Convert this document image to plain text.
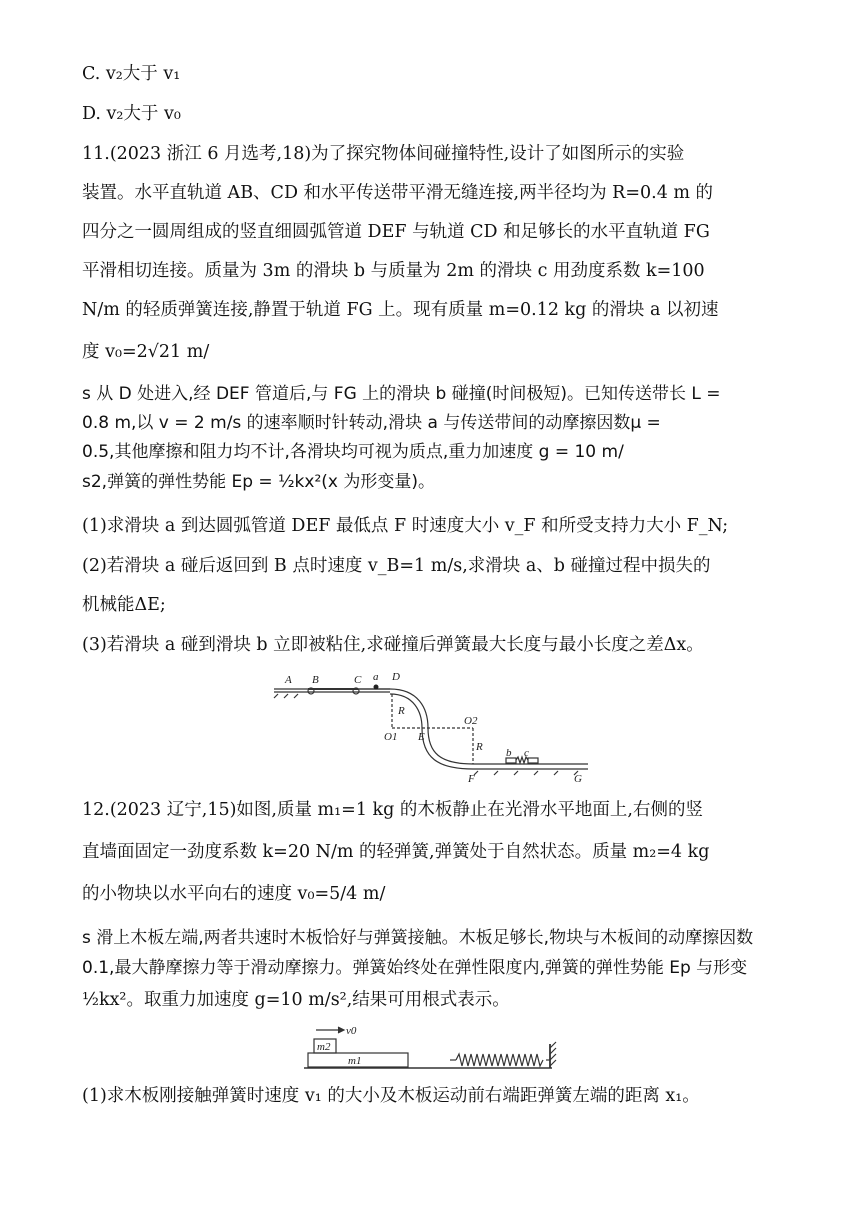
C. v₂大于 v₁
D. v₂大于 v₀
11.(2023 浙江 6 月选考,18)为了探究物体间碰撞特性,设计了如图所示的实验
装置。水平直轨道 AB、CD 和水平传送带平滑无缝连接,两半径均为 R=0.4 m 的
四分之一圆周组成的竖直细圆弧管道 DEF 与轨道 CD 和足够长的水平直轨道 FG
平滑相切连接。质量为 3m 的滑块 b 与质量为 2m 的滑块 c 用劲度系数 k=100
N/m 的轻质弹簧连接,静置于轨道 FG 上。现有质量 m=0.12 kg 的滑块 a 以初速
度 v₀=2√21 m/
s 从 D 处进入,经 DEF 管道后,与 FG 上的滑块 b 碰撞(时间极短)。已知传送带长 L =
0.8 m,以 v = 2 m/s 的速率顺时针转动,滑块 a 与传送带间的动摩擦因数μ =
0.5,其他摩擦和阻力均不计,各滑块均可视为质点,重力加速度 g = 10 m/
s2,弹簧的弹性势能 Ep = ½kx²(x 为形变量)。
(1)求滑块 a 到达圆弧管道 DEF 最低点 F 时速度大小 v_F 和所受支持力大小 F_N;
(2)若滑块 a 碰后返回到 B 点时速度 v_B=1 m/s,求滑块 a、b 碰撞过程中损失的
机械能ΔE;
(3)若滑块 a 碰到滑块 b 立即被粘住,求碰撞后弹簧最大长度与最小长度之差Δx。
A B	C a D
R
O1 E
O2
R b c
F	G
12.(2023 辽宁,15)如图,质量 m₁=1 kg 的木板静止在光滑水平地面上,右侧的竖
直墙面固定一劲度系数 k=20 N/m 的轻弹簧,弹簧处于自然状态。质量 m₂=4 kg
的小物块以水平向右的速度 v₀=5/4 m/
s 滑上木板左端,两者共速时木板恰好与弹簧接触。木板足够长,物块与木板间的动摩擦因数
0.1,最大静摩擦力等于滑动摩擦力。弹簧始终处在弹性限度内,弹簧的弹性势能 Ep 与形变
½kx²。取重力加速度 g=10 m/s²,结果可用根式表示。
v0
m2
m1
(1)求木板刚接触弹簧时速度 v₁ 的大小及木板运动前右端距弹簧左端的距离 x₁。
